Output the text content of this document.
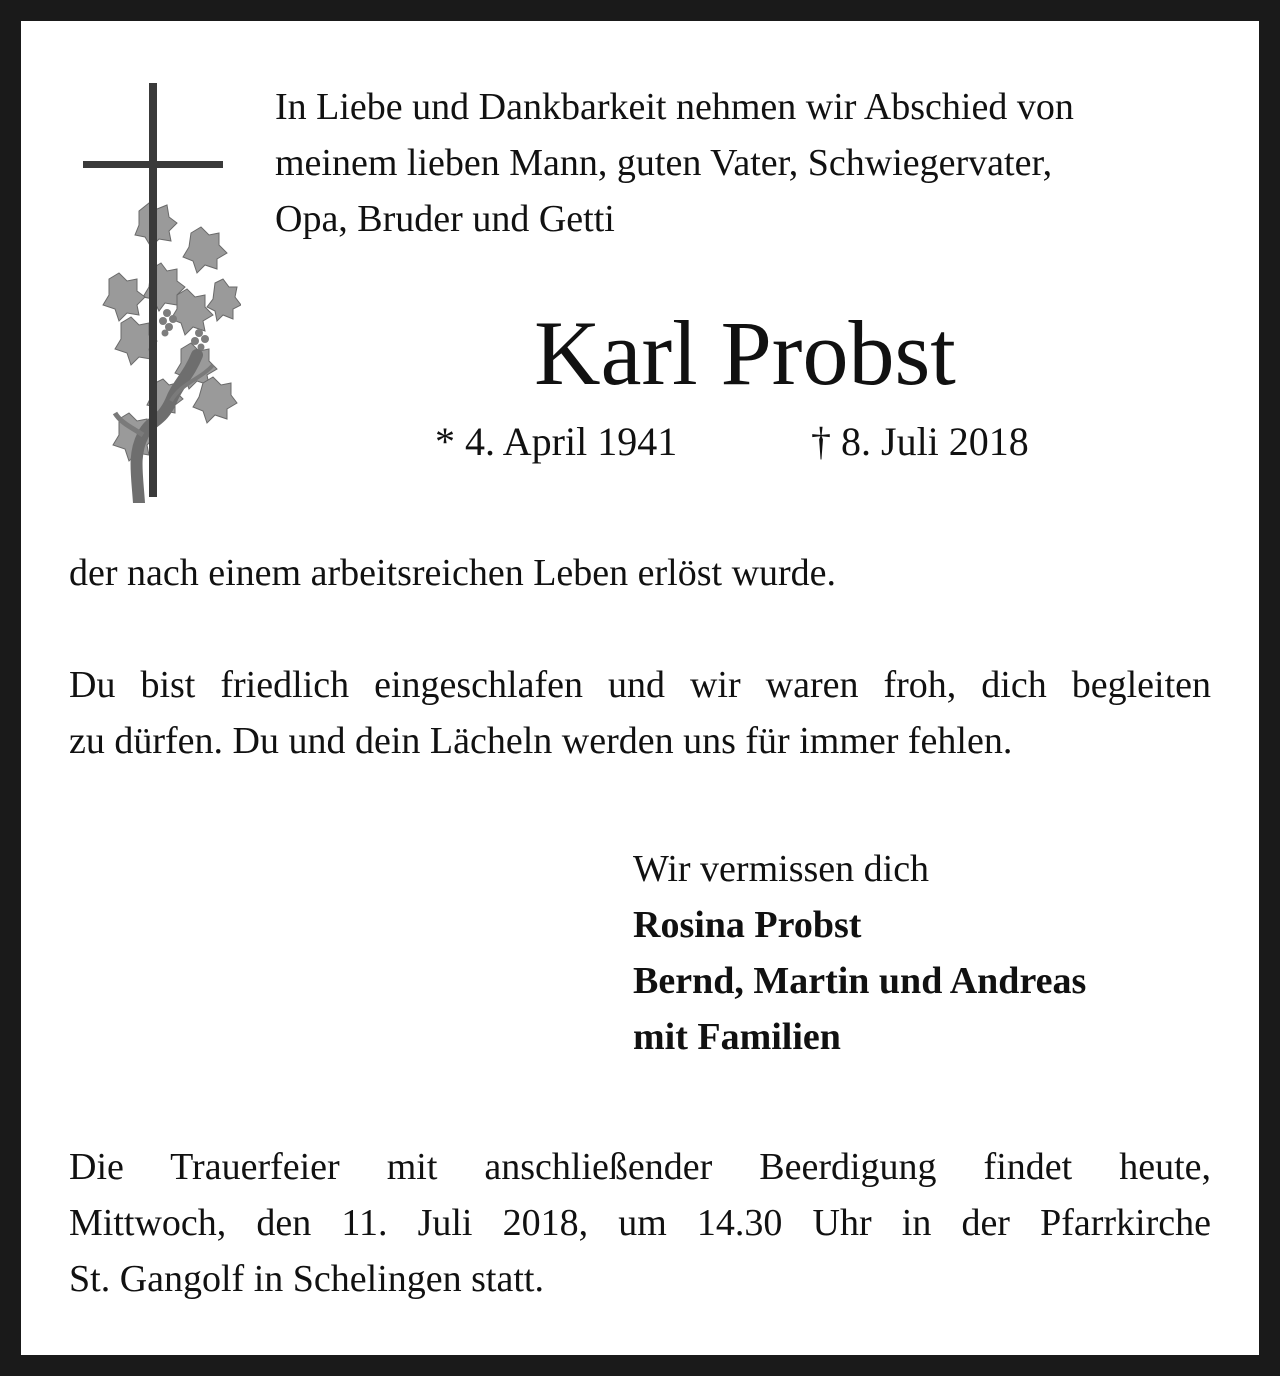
In Liebe und Dankbarkeit nehmen wir Abschied von
meinem lieben Mann, guten Vater, Schwiegervater,
Opa, Bruder und Getti

Karl Probst

* 4. April 1941	† 8. Juli 2018

der nach einem arbeitsreichen Leben erlöst wurde.

Du bist friedlich eingeschlafen und wir waren froh, dich begleiten
zu dürfen. Du und dein Lächeln werden uns für immer fehlen.

Wir vermissen dich
Rosina Probst
Bernd, Martin und Andreas
mit Familien

Die Trauerfeier mit anschließender Beerdigung findet heute,
Mittwoch, den 11. Juli 2018, um 14.30 Uhr in der Pfarrkirche
St. Gangolf in Schelingen statt.
